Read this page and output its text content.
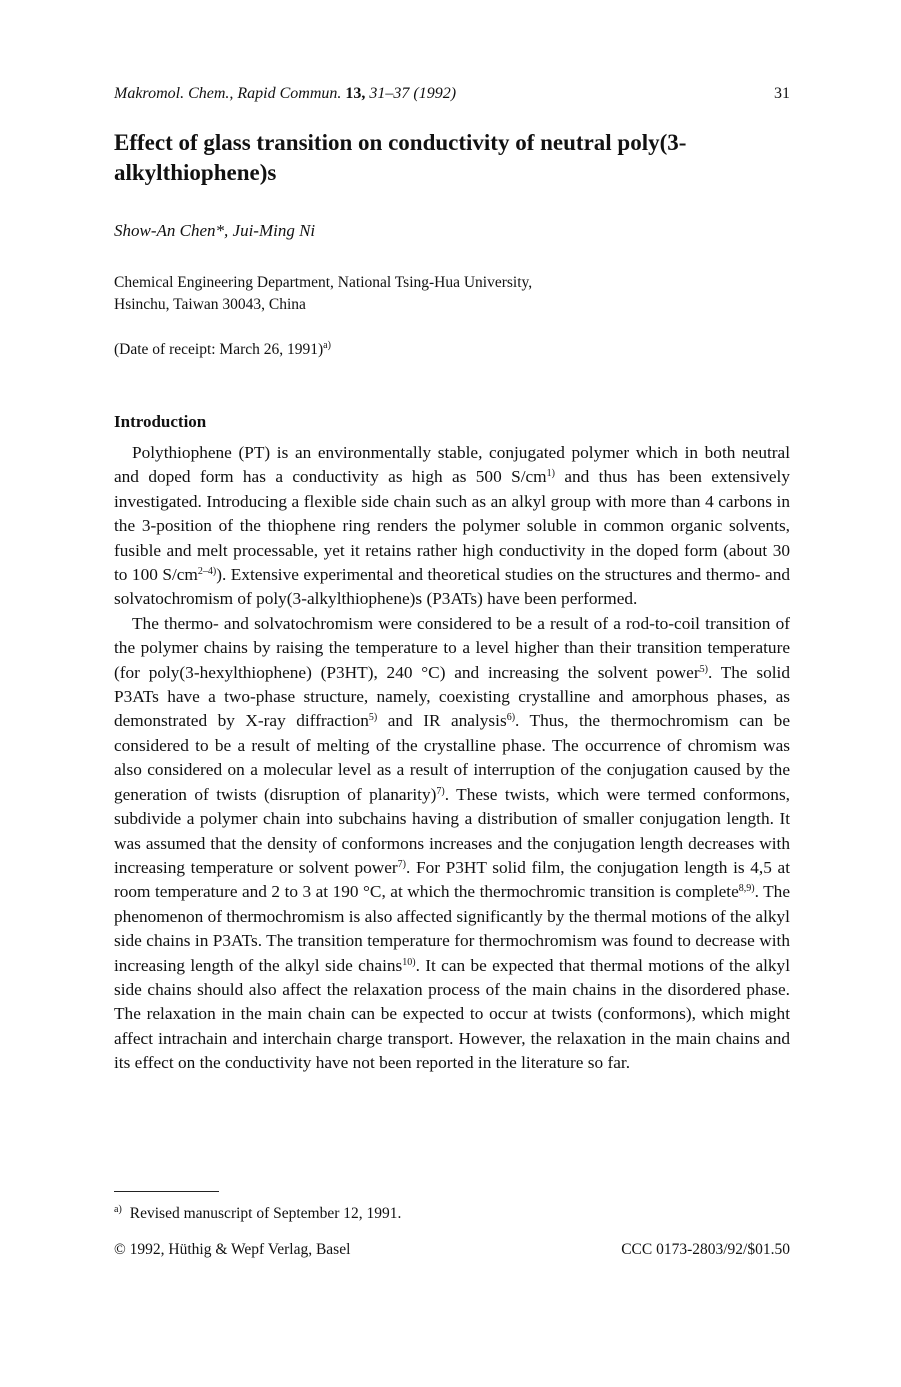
Makromol. Chem., Rapid Commun. 13, 31–37 (1992)	31
Effect of glass transition on conductivity of neutral poly(3-alkylthiophene)s
Show-An Chen*, Jui-Ming Ni
Chemical Engineering Department, National Tsing-Hua University,
Hsinchu, Taiwan 30043, China
(Date of receipt: March 26, 1991)$^{a)}$
Introduction

Polythiophene (PT) is an environmentally stable, conjugated polymer which in both neutral and doped form has a conductivity as high as 500 $S/cm^{1)}$ and thus has been extensively investigated. Introducing a flexible side chain such as an alkyl group with more than 4 carbons in the 3-position of the thiophene ring renders the polymer soluble in common organic solvents, fusible and melt processable, yet it retains rather high conductivity in the doped form (about 30 to 100 $S/cm^{2-4)}$). Extensive experimental and theoretical studies on the structures and thermo- and solvatochromism of poly(3-alkylthiophene)s (P3ATs) have been performed.

The thermo- and solvatochromism were considered to be a result of a rod-to-coil transition of the polymer chains by raising the temperature to a level higher than their transition temperature (for poly(3-hexylthiophene) (P3HT), 240 °C) and increasing the solvent power$^{5)}$. The solid P3ATs have a two-phase structure, namely, coexisting crystalline and amorphous phases, as demonstrated by X-ray diffraction$^{5)}$ and IR analysis$^{6)}$. Thus, the thermochromism can be considered to be a result of melting of the crystalline phase. The occurrence of chromism was also considered on a molecular level as a result of interruption of the conjugation caused by the generation of twists (disruption of planarity)$^{7)}$. These twists, which were termed conformons, subdivide a polymer chain into subchains having a distribution of smaller conjugation length. It was assumed that the density of conformons increases and the conjugation length decreases with increasing temperature or solvent power$^{7)}$. For P3HT solid film, the conjugation length is 4,5 at room temperature and 2 to 3 at 190 °C, at which the thermochromic transition is complete$^{8,9)}$. The phenomenon of thermochromism is also affected significantly by the thermal motions of the alkyl side chains in P3ATs. The transition temperature for thermochromism was found to decrease with increasing length of the alkyl side chains$^{10)}$. It can be expected that thermal motions of the alkyl side chains should also affect the relaxation process of the main chains in the disordered phase. The relaxation in the main chain can be expected to occur at twists (conformons), which might affect intrachain and interchain charge transport. However, the relaxation in the main chains and its effect on the conductivity have not been reported in the literature so far.

$^{a)}$ Revised manuscript of September 12, 1991.
© 1992, Hüthig & Wepf Verlag, Basel	CCC 0173-2803/92/$01.50
